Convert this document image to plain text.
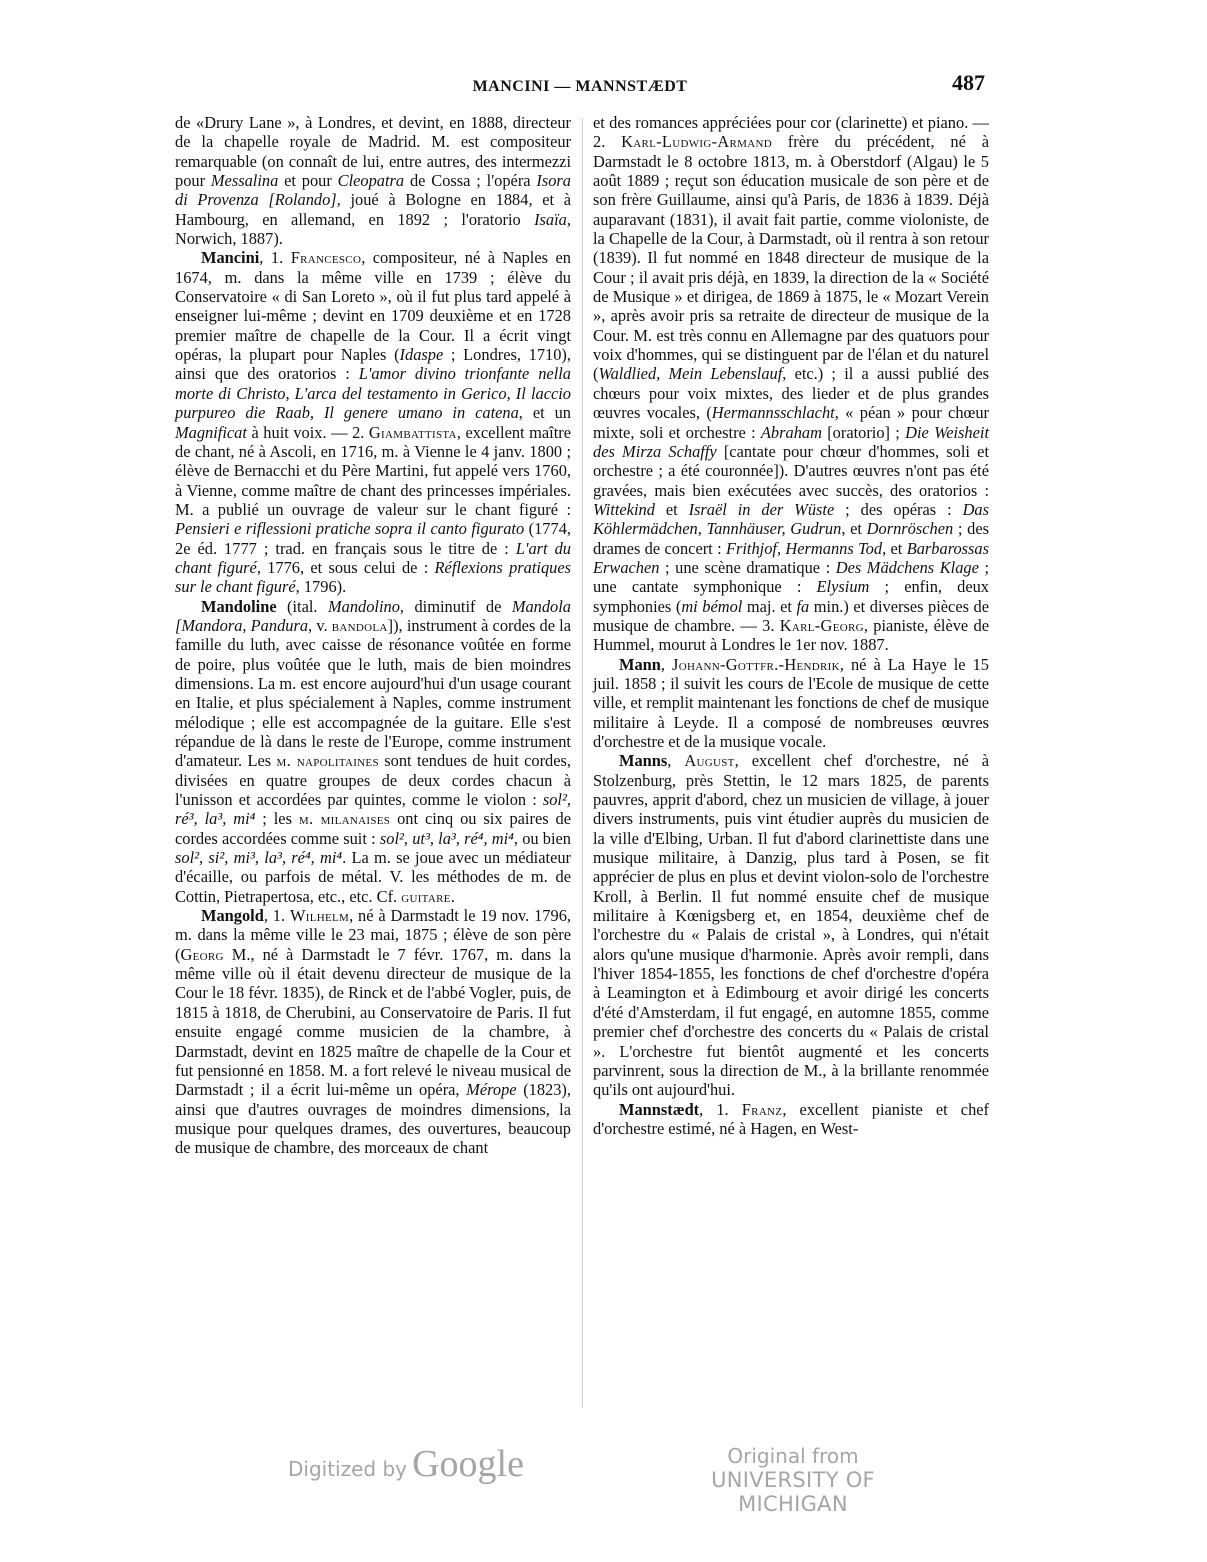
MANCINI — MANNSTÆDT	487

de «Drury Lane », à Londres, et devint, en 1888, directeur de la chapelle royale de Madrid. M. est compositeur remarquable (on connaît de lui, entre autres, des intermezzi pour Messalina et pour Cleopatra de Cossa ; l'opéra Isora di Provenza [Rolando], joué à Bologne en 1884, et à Hambourg, en allemand, en 1892 ; l'oratorio Isaïa, Norwich, 1887).

Mancini, 1. Francesco, compositeur, né à Naples en 1674, m. dans la même ville en 1739 ; élève du Conservatoire « di San Loreto », où il fut plus tard appelé à enseigner lui-même ; devint en 1709 deuxième et en 1728 premier maître de chapelle de la Cour. Il a écrit vingt opéras, la plupart pour Naples (Idaspe ; Londres, 1710), ainsi que des oratorios : L'amor divino trionfante nella morte di Christo, L'arca del testamento in Gerico, Il laccio purpureo die Raab, Il genere umano in catena, et un Magnificat à huit voix. — 2. Giambattista, excellent maître de chant, né à Ascoli, en 1716, m. à Vienne le 4 janv. 1800 ; élève de Bernacchi et du Père Martini, fut appelé vers 1760, à Vienne, comme maître de chant des princesses impériales. M. a publié un ouvrage de valeur sur le chant figuré : Pensieri e riflessioni pratiche sopra il canto figurato (1774, 2e éd. 1777 ; trad. en français sous le titre de : L'art du chant figuré, 1776, et sous celui de : Réflexions pratiques sur le chant figuré, 1796).

Mandoline (ital. Mandolino, diminutif de Mandola [Mandora, Pandura, v. bandola]), instrument à cordes de la famille du luth, avec caisse de résonance voûtée en forme de poire, plus voûtée que le luth, mais de bien moindres dimensions. La m. est encore aujourd'hui d'un usage courant en Italie, et plus spécialement à Naples, comme instrument mélodique ; elle est accompagnée de la guitare. Elle s'est répandue de là dans le reste de l'Europe, comme instrument d'amateur. Les m. napolitaines sont tendues de huit cordes, divisées en quatre groupes de deux cordes chacun à l'unisson et accordées par quintes, comme le violon : sol², ré³, la³, mi⁴ ; les m. milanaises ont cinq ou six paires de cordes accordées comme suit : sol², ut³, la³, ré⁴, mi⁴, ou bien sol², si², mi³, la³, ré⁴, mi⁴. La m. se joue avec un médiateur d'écaille, ou parfois de métal. V. les méthodes de m. de Cottin, Pietrapertosa, etc., etc. Cf. guitare.

Mangold, 1. Wilhelm, né à Darmstadt le 19 nov. 1796, m. dans la même ville le 23 mai, 1875 ; élève de son père (Georg M., né à Darmstadt le 7 févr. 1767, m. dans la même ville où il était devenu directeur de musique de la Cour le 18 févr. 1835), de Rinck et de l'abbé Vogler, puis, de 1815 à 1818, de Cherubini, au Conservatoire de Paris. Il fut ensuite engagé comme musicien de la chambre, à Darmstadt, devint en 1825 maître de chapelle de la Cour et fut pensionné en 1858. M. a fort relevé le niveau musical de Darmstadt ; il a écrit lui-même un opéra, Mérope (1823), ainsi que d'autres ouvrages de moindres dimensions, la musique pour quelques drames, des ouvertures, beaucoup de musique de chambre, des morceaux de chant

et des romances appréciées pour cor (clarinette) et piano. — 2. Karl-Ludwig-Armand frère du précédent, né à Darmstadt le 8 octobre 1813, m. à Oberstdorf (Algau) le 5 août 1889 ; reçut son éducation musicale de son père et de son frère Guillaume, ainsi qu'à Paris, de 1836 à 1839. Déjà auparavant (1831), il avait fait partie, comme violoniste, de la Chapelle de la Cour, à Darmstadt, où il rentra à son retour (1839). Il fut nommé en 1848 directeur de musique de la Cour ; il avait pris déjà, en 1839, la direction de la « Société de Musique » et dirigea, de 1869 à 1875, le « Mozart Verein », après avoir pris sa retraite de directeur de musique de la Cour. M. est très connu en Allemagne par des quatuors pour voix d'hommes, qui se distinguent par de l'élan et du naturel (Waldlied, Mein Lebenslauf, etc.) ; il a aussi publié des chœurs pour voix mixtes, des lieder et de plus grandes œuvres vocales, (Hermannsschlacht, « péan » pour chœur mixte, soli et orchestre : Abraham [oratorio] ; Die Weisheit des Mirza Schaffy [cantate pour chœur d'hommes, soli et orchestre ; a été couronnée]). D'autres œuvres n'ont pas été gravées, mais bien exécutées avec succès, des oratorios : Wittekind et Israël in der Wüste ; des opéras : Das Köhlermädchen, Tannhäuser, Gudrun, et Dornröschen ; des drames de concert : Frithjof, Hermanns Tod, et Barbarossas Erwachen ; une scène dramatique : Des Mädchens Klage ; une cantate symphonique : Elysium ; enfin, deux symphonies (mi bémol maj. et fa min.) et diverses pièces de musique de chambre. — 3. Karl-Georg, pianiste, élève de Hummel, mourut à Londres le 1er nov. 1887.

Mann, Johann-Gottfr.-Hendrik, né à La Haye le 15 juil. 1858 ; il suivit les cours de l'Ecole de musique de cette ville, et remplit maintenant les fonctions de chef de musique militaire à Leyde. Il a composé de nombreuses œuvres d'orchestre et de la musique vocale.

Manns, August, excellent chef d'orchestre, né à Stolzenburg, près Stettin, le 12 mars 1825, de parents pauvres, apprit d'abord, chez un musicien de village, à jouer divers instruments, puis vint étudier auprès du musicien de la ville d'Elbing, Urban. Il fut d'abord clarinettiste dans une musique militaire, à Danzig, plus tard à Posen, se fit apprécier de plus en plus et devint violon-solo de l'orchestre Kroll, à Berlin. Il fut nommé ensuite chef de musique militaire à Kœnigsberg et, en 1854, deuxième chef de l'orchestre du « Palais de cristal », à Londres, qui n'était alors qu'une musique d'harmonie. Après avoir rempli, dans l'hiver 1854-1855, les fonctions de chef d'orchestre d'opéra à Leamington et à Edimbourg et avoir dirigé les concerts d'été d'Amsterdam, il fut engagé, en automne 1855, comme premier chef d'orchestre des concerts du « Palais de cristal ». L'orchestre fut bientôt augmenté et les concerts parvinrent, sous la direction de M., à la brillante renommée qu'ils ont aujourd'hui.

Mannstædt, 1. Franz, excellent pianiste et chef d'orchestre estimé, né à Hagen, en West-

Digitized by Google	Original from
UNIVERSITY OF MICHIGAN
